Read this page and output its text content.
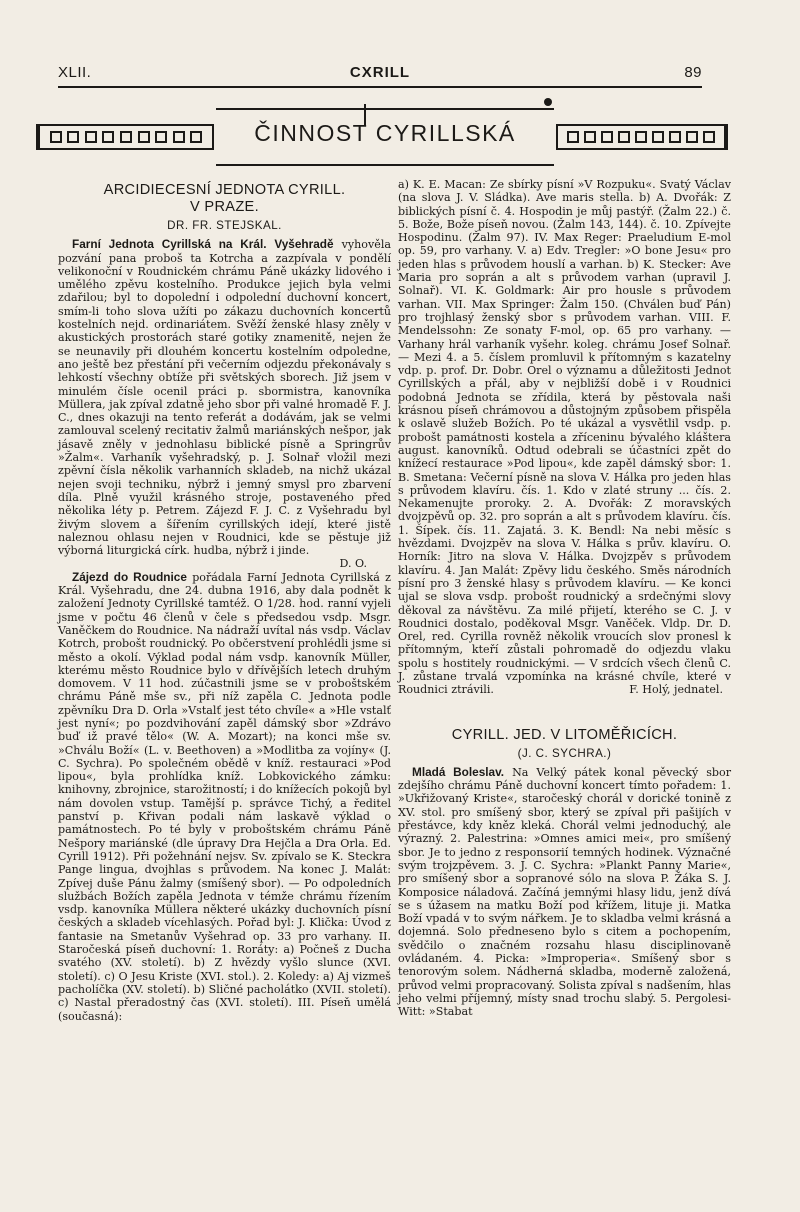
XLII.	CXRILL	89
ČINNOST CYRILLSKÁ
ARCIDIECESNÍ JEDNOTA CYRILL.
V PRAZE.
DR. FR. STEJSKAL.

Farní Jednota Cyrillská na Král. Vyšehradě vyhověla pozvání pana proboš ta Kotrcha a zazpívala v pondělí velikonoční v Roudnickém chrámu Páně ukázky lidového i umělého zpěvu kostelního. Produkce jejich byla velmi zdařilou; byl to dopolední i odpolední duchovní koncert, smím-li toho slova užíti po zákazu duchovních koncertů kostelních nejd. ordinariátem. Svěží ženské hlasy zněly v akustických prostorách staré gotiky znamenitě, nejen že se neunavily při dlouhém koncertu kostelním odpoledne, ano ještě bez přestání při večerním odjezdu překonávaly s lehkostí všechny obtíže při světských sborech. Již jsem v minulém čísle ocenil práci p. sbormistra, kanovníka Müllera, jak zpíval zdatně jeho sbor při valné hromadě F. J. C., dnes okazuji na tento referát a dodávám, jak se velmi zamlouval scelený recitativ žalmů mariánských nešpor, jak jásavě zněly v jednohlasu biblické písně a Springrův »Žalm«. Varhaník vyšehradský, p. J. Solnař vložil mezi zpěvní čísla několik varhanních skladeb, na nichž ukázal nejen svoji techniku, nýbrž i jemný smysl pro zbarvení díla. Plně využil krásného stroje, postaveného před několika léty p. Petrem. Zájezd F. J. C. z Vyšehradu byl živým slovem a šířením cyrillských idejí, které jistě naleznou ohlasu nejen v Roudnici, kde se pěstuje již výborná liturgická círk. hudba, nýbrž i jinde.
D. O.

Zájezd do Roudnice pořádala Farní Jednota Cyrillská z Král. Vyšehradu, dne 24. dubna 1916, aby dala podnět k založení Jednoty Cyrillské tamtéž. O 1/28. hod. ranní vyjeli jsme v počtu 46 členů v čele s předsedou vsdp. Msgr. Vaněčkem do Roudnice. Na nádraží uvítal nás vsdp. Václav Kotrch, probošt roudnický. Po občerstvení prohlédli jsme si město a okolí. Výklad podal nám vsdp. kanovník Müller, kterému město Roudnice bylo v dřívějších letech druhým domovem. V 11 hod. zúčastnili jsme se v proboštském chrámu Páně mše sv., při níž zapěla C. Jednota podle zpěvníku Dra D. Orla »Vstalť jest této chvíle« a »Hle vstalť jest nyní«; po pozdvihování zapěl dámský sbor »Zdrávo buď iž pravé tělo« (W. A. Mozart); na konci mše sv. »Chválu Boží« (L. v. Beethoven) a »Modlitba za vojíny« (J. C. Sychra). Po společném obědě v kníž. restauraci »Pod lipou«, byla prohlídka kníž. Lobkovického zámku: knihovny, zbrojnice, starožitností; i do knížecích pokojů byl nám dovolen vstup. Tamější p. správce Tichý, a ředitel panství p. Křivan podali nám laskavě výklad o památnostech. Po té byly v proboštském chrámu Páně Nešpory mariánské (dle úpravy Dra Hejčla a Dra Orla. Ed. Cyrill 1912). Při požehnání nejsv. Sv. zpívalo se K. Steckra Pange lingua, dvojhlas s průvodem. Na konec J. Malát: Zpívej duše Pánu žalmy (smíšený sbor). — Po odpoledních službách Božích zapěla Jednota v témže chrámu řízením vsdp. kanovníka Müllera některé ukázky duchovních písní českých a skladeb vícehlasých. Pořad byl: J. Klička: Úvod z fantasie na Smetanův Vyšehrad op. 33 pro varhany. II. Staročeská píseň duchovní: 1. Roráty: a) Počneš z Ducha svatého (XV. století). b) Z hvězdy vyšlo slunce (XVI. století). c) O Jesu Kriste (XVI. stol.). 2. Koledy: a) Aj vizmeš pacholíčka (XV. století). b) Sličné pacholátko (XVII. století). c) Nastal přeradostný čas (XVI. století). III. Píseň umělá (současná):

a) K. E. Macan: Ze sbírky písní »V Rozpuku«. Svatý Václav (na slova J. V. Sládka). Ave maris stella. b) A. Dvořák: Z biblických písní č. 4. Hospodin je můj pastýř. (Žalm 22.) č. 5. Bože, Bože píseň novou. (Žalm 143, 144). č. 10. Zpívejte Hospodinu. (Žalm 97). IV. Max Reger: Praeludium E-mol op. 59, pro varhany. V. a) Edv. Tregler: »O bone Jesu« pro jeden hlas s průvodem houslí a varhan. b) K. Stecker: Ave Maria pro soprán a alt s průvodem varhan (upravil J. Solnař). VI. K. Goldmark: Air pro housle s průvodem varhan. VII. Max Springer: Žalm 150. (Chválen buď Pán) pro trojhlasý ženský sbor s průvodem varhan. VIII. F. Mendelssohn: Ze sonaty F-mol, op. 65 pro varhany. — Varhany hrál varhaník vyšehr. koleg. chrámu Josef Solnař. — Mezi 4. a 5. číslem promluvil k přítomným s kazatelny vdp. p. prof. Dr. Dobr. Orel o významu a důležitosti Jednot Cyrillských a přál, aby v nejbližší době i v Roudnici podobná Jednota se zřídila, která by pěstovala naši krásnou píseň chrámovou a důstojným způsobem přispěla k oslavě služeb Božích. Po té ukázal a vysvětlil vsdp. p. probošt památnosti kostela a zříceninu bývalého kláštera august. kanovníků. Odtud odebrali se účastníci zpět do knížecí restaurace »Pod lipou«, kde zapěl dámský sbor: 1. B. Smetana: Večerní písně na slova V. Hálka pro jeden hlas s průvodem klavíru. čís. 1. Kdo v zlaté struny ... čís. 2. Nekamenujte proroky. 2. A. Dvořák: Z moravských dvojzpěvů op. 32. pro soprán a alt s průvodem klavíru. čís. 1. Šípek. čís. 11. Zajatá. 3. K. Bendl: Na nebi měsíc s hvězdami. Dvojzpěv na slova V. Hálka s prův. klavíru. O. Horník: Jitro na slova V. Hálka. Dvojzpěv s průvodem klavíru. 4. Jan Malát: Zpěvy lidu českého. Směs národních písní pro 3 ženské hlasy s průvodem klavíru. — Ke konci ujal se slova vsdp. probošt roudnický a srdečnými slovy děkoval za návštěvu. Za milé přijetí, kterého se C. J. v Roudnici dostalo, poděkoval Msgr. Vaněček. Vldp. Dr. D. Orel, red. Cyrilla rovněž několik vroucích slov pronesl k přítomným, kteří zůstali pohromadě do odjezdu vlaku spolu s hostitely roudnickými. — V srdcích všech členů C. J. zůstane trvalá vzpomínka na krásné chvíle, které v Roudnici ztrávili.	F. Holý, jednatel.

CYRILL. JED. V LITOMĚŘICÍCH.
(J. C. SYCHRA.)

Mladá Boleslav. Na Velký pátek konal pěvecký sbor zdejšího chrámu Páně duchovní koncert tímto pořadem: 1. »Ukřižovaný Kriste«, staročeský chorál v dorické tonině z XV. stol. pro smíšený sbor, který se zpíval při pašijích v přestávce, kdy kněz kleká. Chorál velmi jednoduchý, ale výrazný. 2. Palestrina: »Omnes amici mei«, pro smíšený sbor. Je to jedno z responsorií temných hodinek. Význačné svým trojzpěvem. 3. J. C. Sychra: »Plankt Panny Marie«, pro smíšený sbor a sopranové sólo na slova P. Žáka S. J. Komposice náladová. Začíná jemnými hlasy lidu, jenž dívá se s úžasem na matku Boží pod křížem, lituje ji. Matka Boží vpadá v to svým nářkem. Je to skladba velmi krásná a dojemná. Solo předneseno bylo s citem a pochopením, svědčilo o značném rozsahu hlasu disciplinovaně ovládaném. 4. Picka: »Improperia«. Smíšený sbor s tenorovým solem. Nádherná skladba, moderně založená, průvod velmi propracovaný. Solista zpíval s nadšením, hlas jeho velmi příjemný, místy snad trochu slabý. 5. Pergolesi-Witt: »Stabat
